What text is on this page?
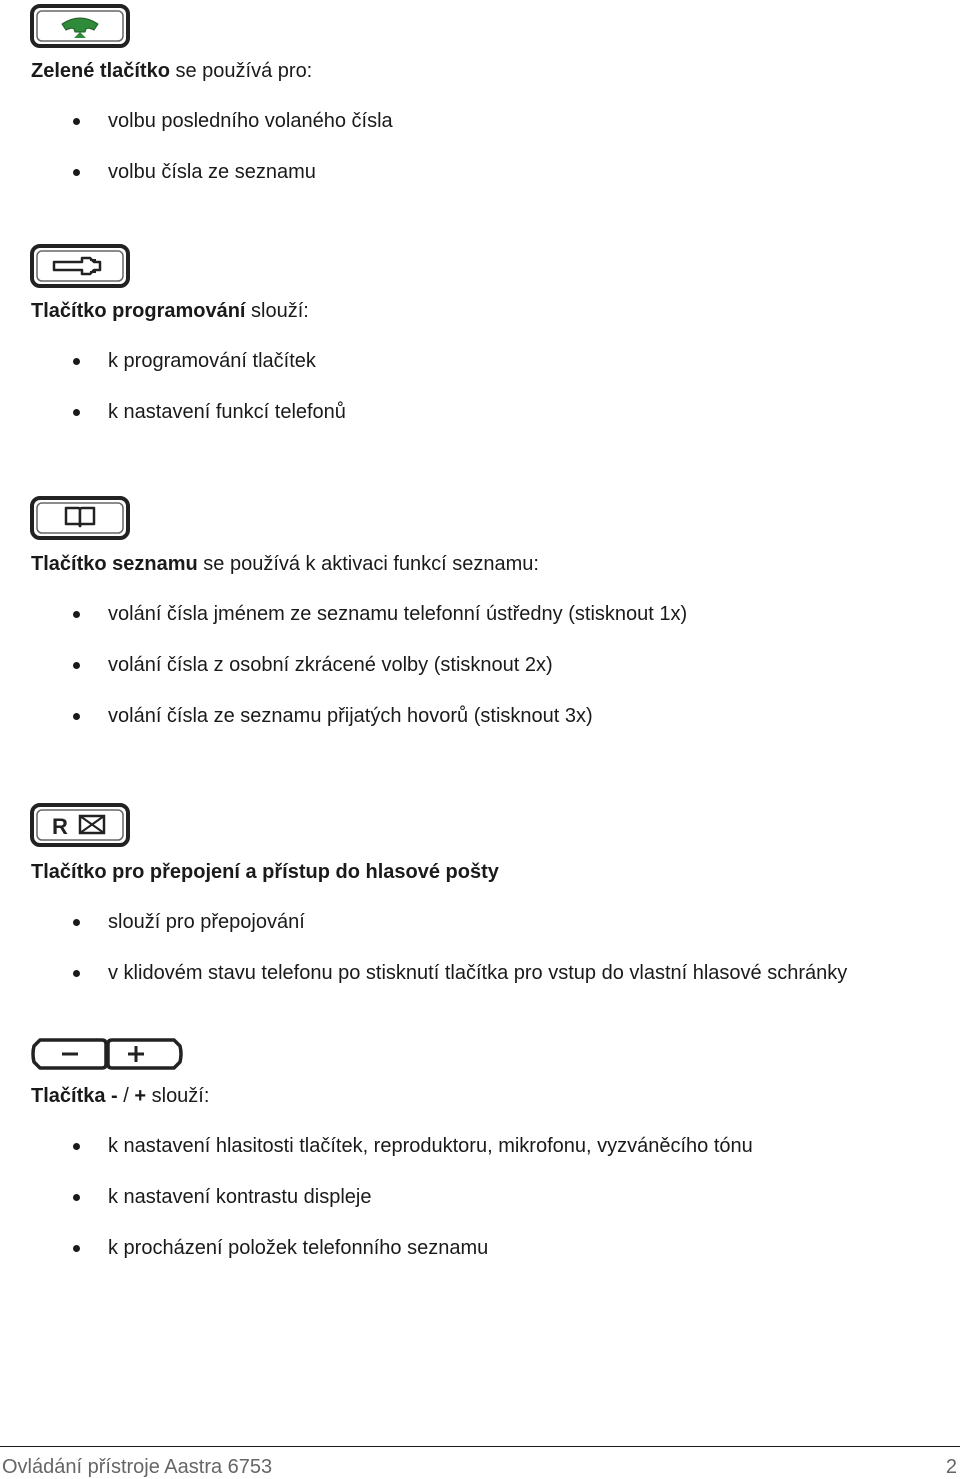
Zelené tlačítko se používá pro:
volbu posledního volaného čísla
volbu čísla ze seznamu
Tlačítko programování slouží:
k programování tlačítek
k nastavení funkcí telefonů
Tlačítko seznamu se používá k aktivaci funkcí seznamu:
volání čísla jménem ze seznamu telefonní ústředny (stisknout 1x)
volání čísla z osobní zkrácené volby (stisknout 2x)
volání čísla ze seznamu přijatých hovorů (stisknout 3x)
R
Tlačítko pro přepojení a přístup do hlasové pošty
slouží pro přepojování
v klidovém stavu telefonu po stisknutí tlačítka pro vstup do vlastní hlasové schránky
Tlačítka - / + slouží:
k nastavení hlasitosti tlačítek, reproduktoru, mikrofonu, vyzváněcího tónu
k nastavení kontrastu displeje
k procházení položek telefonního seznamu
Ovládání přístroje Aastra 6753	2
